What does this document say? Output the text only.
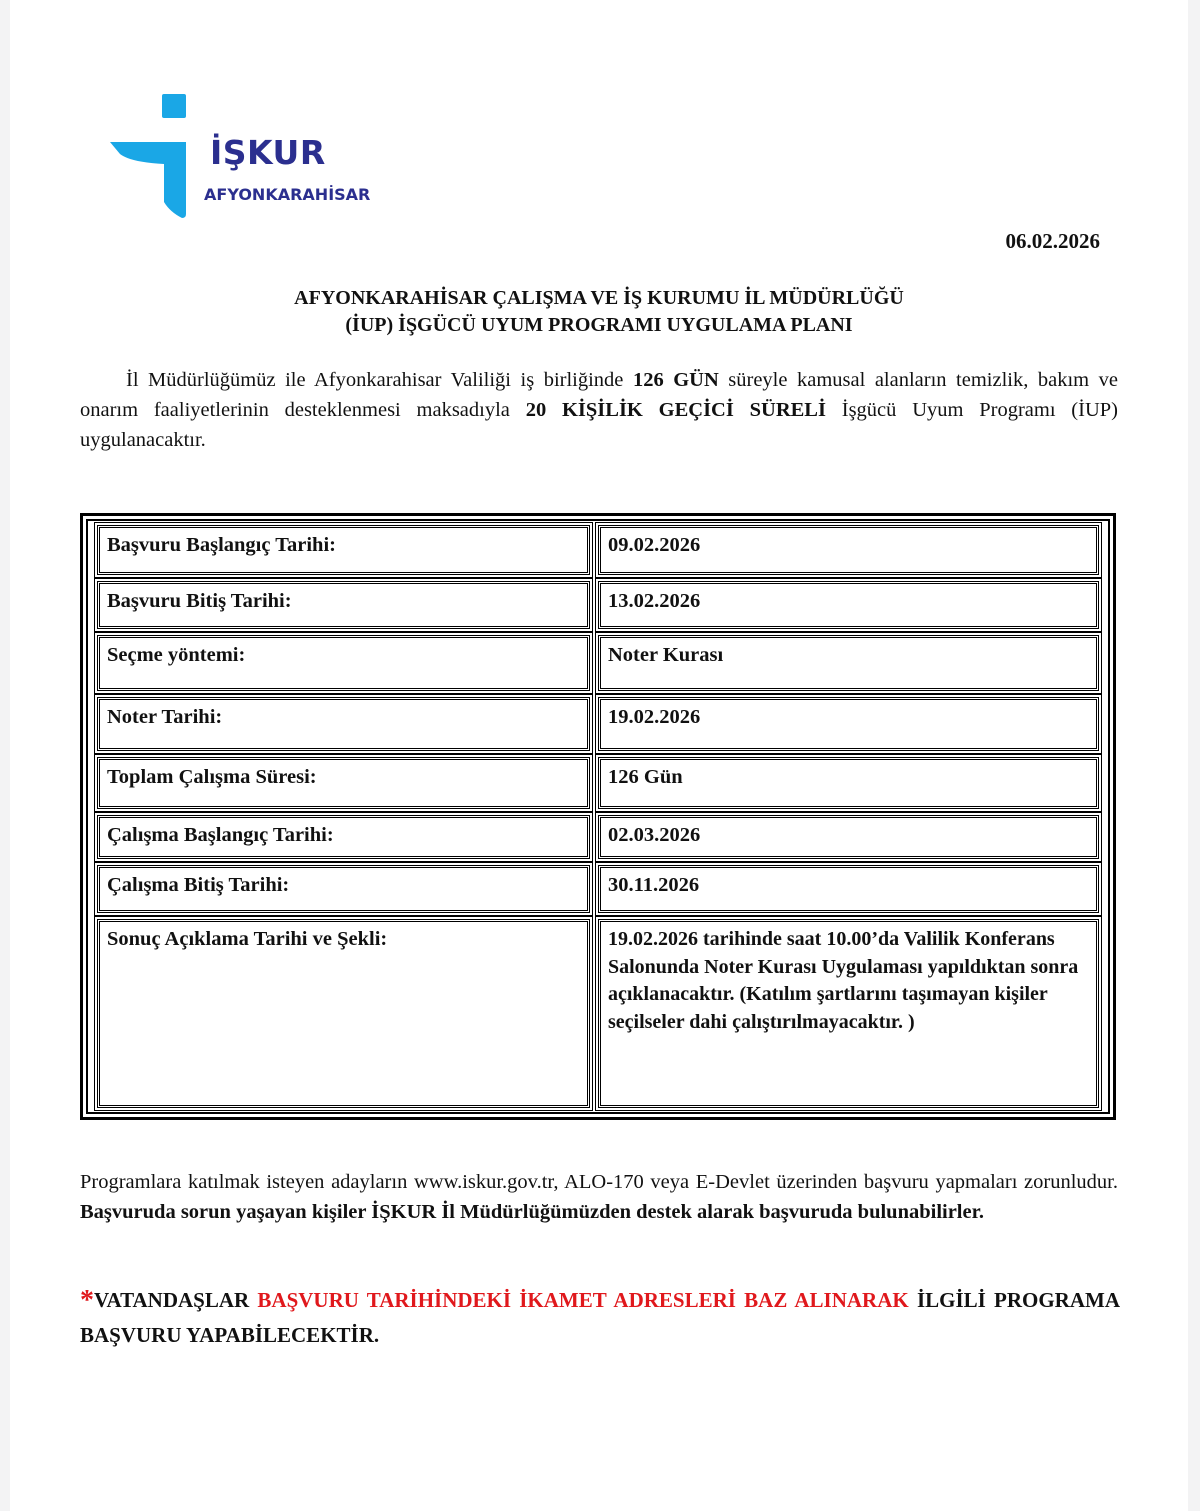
İŞKUR
AFYONKARAHİSAR
06.02.2026
AFYONKARAHİSAR ÇALIŞMA VE İŞ KURUMU İL MÜDÜRLÜĞÜ
(İUP) İŞGÜCÜ UYUM PROGRAMI UYGULAMA PLANI
İl Müdürlüğümüz ile Afyonkarahisar Valiliği iş birliğinde 126 GÜN süreyle kamusal alanların temizlik, bakım ve onarım faaliyetlerinin desteklenmesi maksadıyla 20 KİŞİLİK GEÇİCİ SÜRELİ İşgücü Uyum Programı (İUP) uygulanacaktır.
Başvuru Başlangıç Tarihi:	09.02.2026
Başvuru Bitiş Tarihi:	13.02.2026
Seçme yöntemi:	Noter Kurası
Noter Tarihi:	19.02.2026
Toplam Çalışma Süresi:	126 Gün
Çalışma Başlangıç Tarihi:	02.03.2026
Çalışma Bitiş Tarihi:	30.11.2026
Sonuç Açıklama Tarihi ve Şekli:	19.02.2026 tarihinde saat 10.00’da Valilik Konferans Salonunda Noter Kurası Uygulaması yapıldıktan sonra açıklanacaktır. (Katılım şartlarını taşımayan kişiler seçilseler dahi çalıştırılmayacaktır. )
Programlara katılmak isteyen adayların www.iskur.gov.tr, ALO-170 veya E-Devlet üzerinden başvuru yapmaları zorunludur. Başvuruda sorun yaşayan kişiler İŞKUR İl Müdürlüğümüzden destek alarak başvuruda bulunabilirler.
*VATANDAŞLAR BAŞVURU TARİHİNDEKİ İKAMET ADRESLERİ BAZ ALINARAK İLGİLİ PROGRAMA BAŞVURU YAPABİLECEKTİR.
